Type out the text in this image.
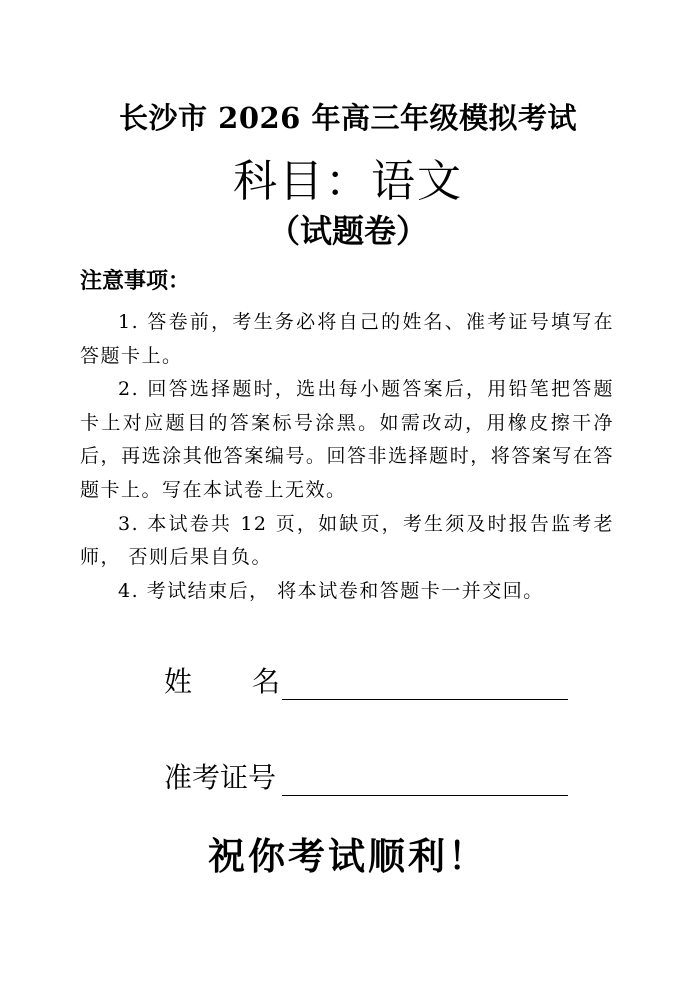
长沙市 2026 年高三年级模拟考试
科目：语文
（试题卷）
注意事项：

1. 答卷前，考生务必将自己的姓名、准考证号填写在答题卡上。

2. 回答选择题时，选出每小题答案后，用铅笔把答题卡上对应题目的答案标号涂黑。如需改动，用橡皮擦干净后，再选涂其他答案编号。回答非选择题时，将答案写在答题卡上。写在本试卷上无效。

3. 本试卷共 12 页，如缺页，考生须及时报告监考老师， 否则后果自负。

4. 考试结束后， 将本试卷和答题卡一并交回。

姓 名
准考证号
祝你考试顺利！
